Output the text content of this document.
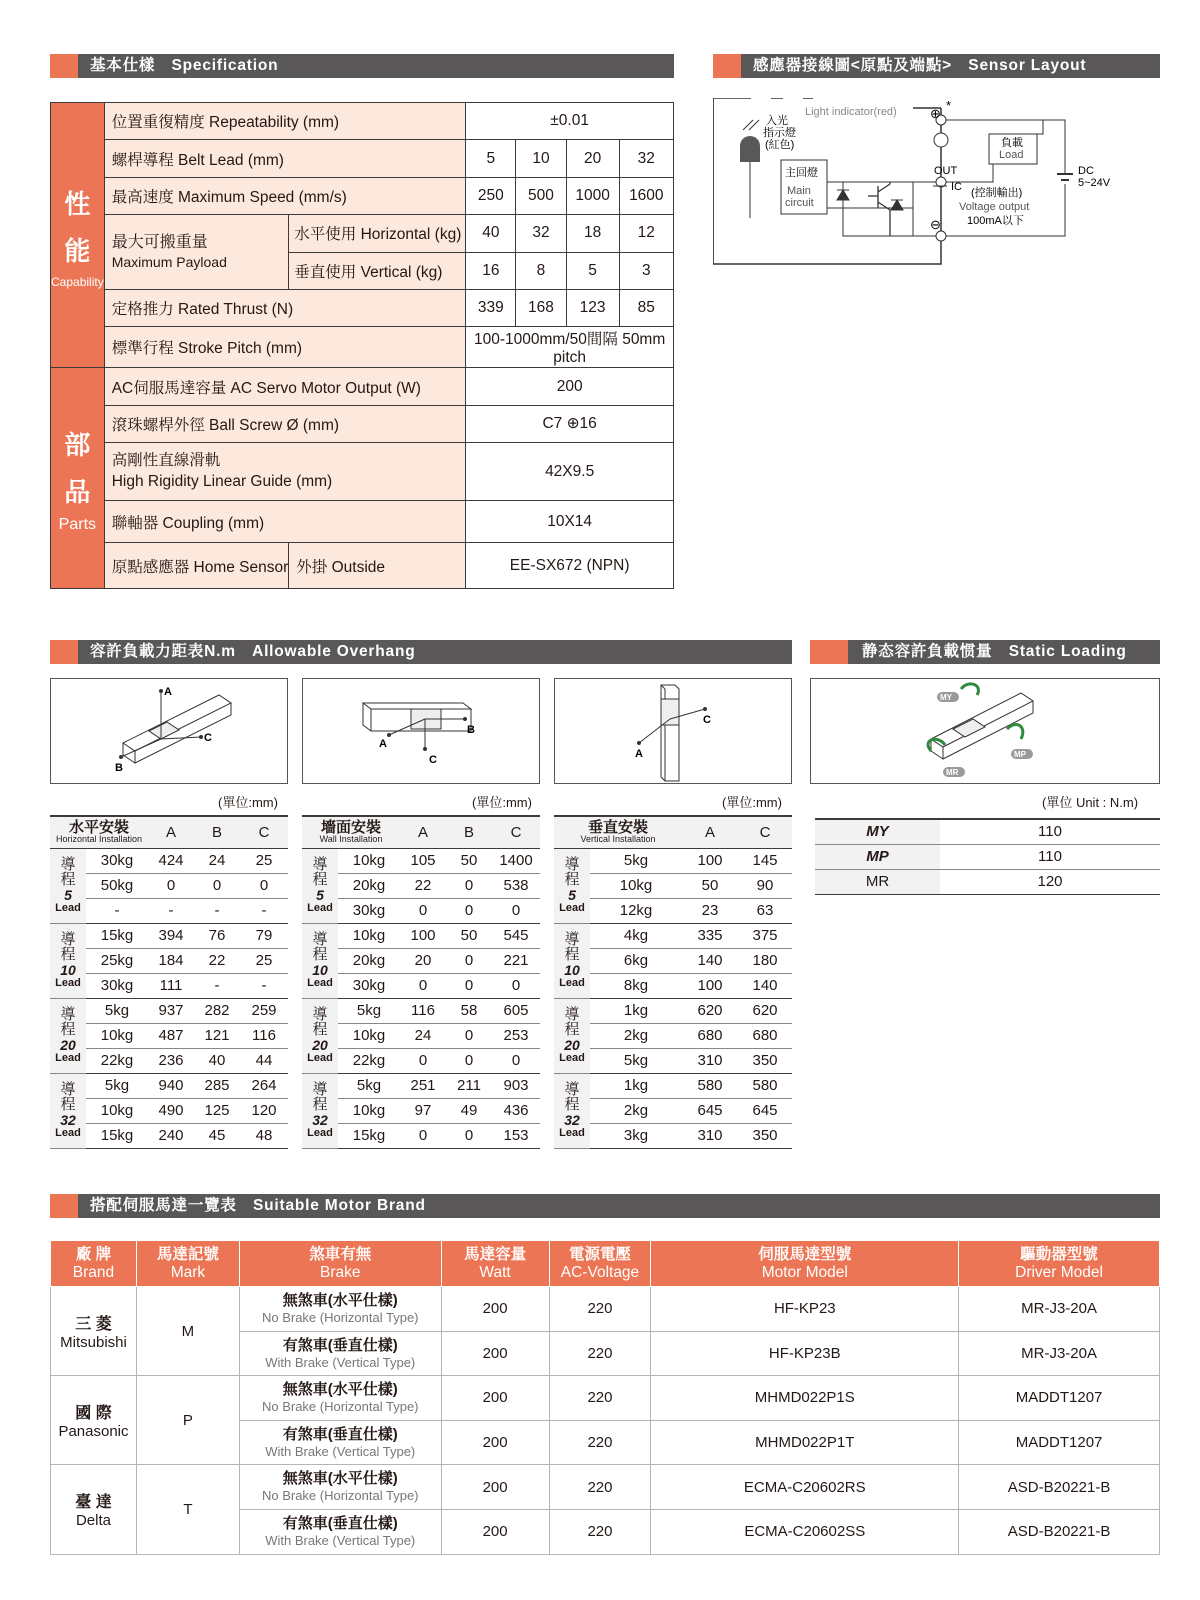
基本仕樣　Specification	感應器接線圖<原點及端點>　Sensor Layout
容許負載力距表N.m　Allowable Overhang	静态容許負載惯量　Static Loading
搭配伺服馬達一覽表　Suitable Motor Brand
性
能
Capability	位置重復精度 Repeatability (mm)		±0.01			
	螺桿導程 Belt Lead (mm)		5	10	20	32
	最高速度 Maximum Speed (mm/s)		250	500	1000	1600

	最大可搬重量
Maximum Payload	水平使用 Horizontal (kg)	40	32	18	12
		垂直使用 Vertical (kg)	16	8	5	3
	定格推力 Rated Thrust (N)		339	168	123	85
	標準行程 Stroke Pitch (mm)		100-1000mm/50間隔 50mm pitch			

部
品
Parts	AC伺服馬達容量 AC Servo Motor Output (W)		200			
	滾珠螺桿外徑 Ball Screw Ø (mm)		C7 ⊕16			

	高剛性直線滑軌
High Rigidity Linear Guide (mm)		42X9.5			
	聯軸器 Coupling (mm)		10X14			
	原點感應器 Home Sensor	外掛 Outside	EE-SX672 (NPN)			
Light indicator(red)
入光
指示燈
(紅色)
主回燈
Main
circuit
⊕
*
OUT
IC
⊖
負載
Load
(控制輸出)
Voltage output
100mA以下
DC
5~24V
A
C
B
B
A
C
C
A
MY
MP
MR
(單位:mm)	(單位:mm)	(單位:mm)	(單位 Unit : N.m)
水平安裝
Horizontal Installation		A	B	C

導程
5
Lead	30kg	424	24	25
	50kg	0	0	0
	-	-	-	-

導程
10
Lead	15kg	394	76	79
	25kg	184	22	25
	30kg	111	-	-

導程
20
Lead	5kg	937	282	259
	10kg	487	121	116
	22kg	236	40	44

導程
32
Lead	5kg	940	285	264
	10kg	490	125	120
	15kg	240	45	48
墻面安裝
Wall Installation		A	B	C

導程
5
Lead	10kg	105	50	1400
	20kg	22	0	538
	30kg	0	0	0

導程
10
Lead	10kg	100	50	545
	20kg	20	0	221
	30kg	0	0	0

導程
20
Lead	5kg	116	58	605
	10kg	24	0	253
	22kg	0	0	0

導程
32
Lead	5kg	251	211	903
	10kg	97	49	436
	15kg	0	0	153
垂直安裝
Vertical Installation		A	C

導程
5
Lead	5kg	100	145
	10kg	50	90
	12kg	23	63

導程
10
Lead	4kg	335	375
	6kg	140	180
	8kg	100	140

導程
20
Lead	1kg	620	620
	2kg	680	680
	5kg	310	350

導程
32
Lead	1kg	580	580
	2kg	645	645
	3kg	310	350
MY	110
MP	110
MR	120
廠 牌
Brand	馬達記號
Mark	煞車有無
Brake	馬達容量
Watt	電源電壓
AC-Voltage	伺服馬達型號
Motor Model	驅動器型號
Driver Model

三 菱
Mitsubishi	M	無煞車(水平仕樣)
No Brake (Horizontal Type)	200	220	HF-KP23	MR-J3-20A

		有煞車(垂直仕樣)
With Brake (Vertical Type)	200	220	HF-KP23B	MR-J3-20A

國 際
Panasonic	P	無煞車(水平仕樣)
No Brake (Horizontal Type)	200	220	MHMD022P1S	MADDT1207

		有煞車(垂直仕樣)
With Brake (Vertical Type)	200	220	MHMD022P1T	MADDT1207

臺 達
Delta	T	無煞車(水平仕樣)
No Brake (Horizontal Type)	200	220	ECMA-C20602RS	ASD-B20221-B

		有煞車(垂直仕樣)
With Brake (Vertical Type)	200	220	ECMA-C20602SS	ASD-B20221-B
